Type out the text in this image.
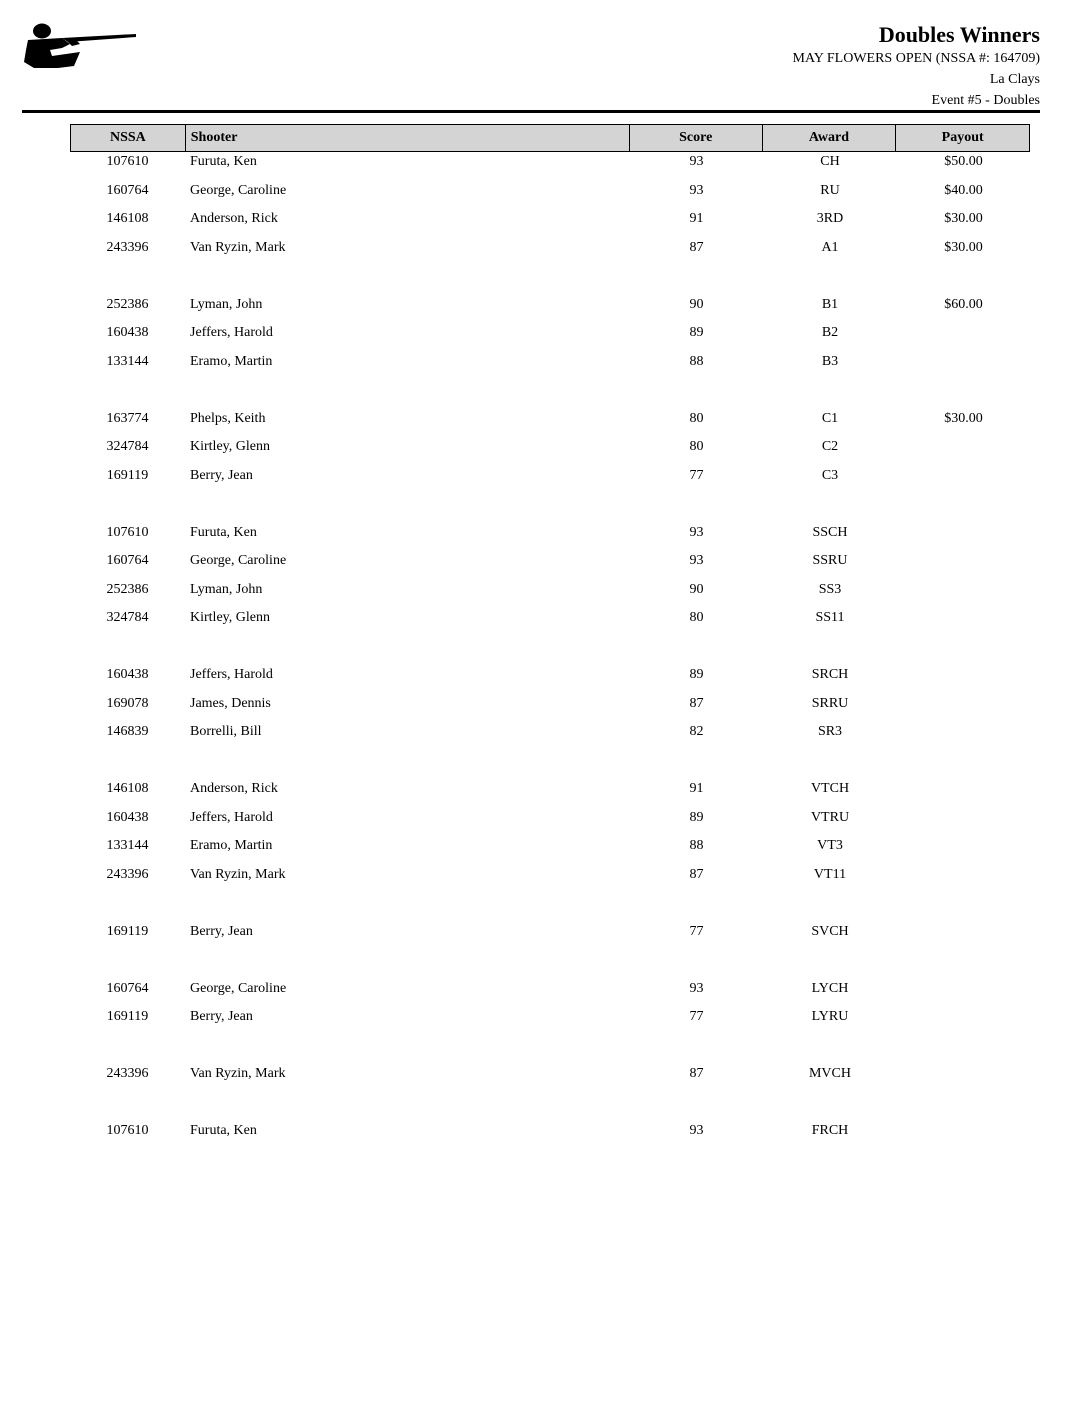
Doubles Winners
MAY FLOWERS OPEN (NSSA #: 164709)
La Clays
Event #5 - Doubles
NSSA	Shooter	Score	Award	Payout
107610	Furuta, Ken	93	CH	$50.00
160764	George, Caroline	93	RU	$40.00
146108	Anderson, Rick	91	3RD	$30.00
243396	Van Ryzin, Mark	87	A1	$30.00
252386	Lyman, John	90	B1	$60.00
160438	Jeffers, Harold	89	B2
133144	Eramo, Martin	88	B3
163774	Phelps, Keith	80	C1	$30.00
324784	Kirtley, Glenn	80	C2
169119	Berry, Jean	77	C3
107610	Furuta, Ken	93	SSCH
160764	George, Caroline	93	SSRU
252386	Lyman, John	90	SS3
324784	Kirtley, Glenn	80	SS11
160438	Jeffers, Harold	89	SRCH
169078	James, Dennis	87	SRRU
146839	Borrelli, Bill	82	SR3
146108	Anderson, Rick	91	VTCH
160438	Jeffers, Harold	89	VTRU
133144	Eramo, Martin	88	VT3
243396	Van Ryzin, Mark	87	VT11
169119	Berry, Jean	77	SVCH
160764	George, Caroline	93	LYCH
169119	Berry, Jean	77	LYRU
243396	Van Ryzin, Mark	87	MVCH
107610	Furuta, Ken	93	FRCH
